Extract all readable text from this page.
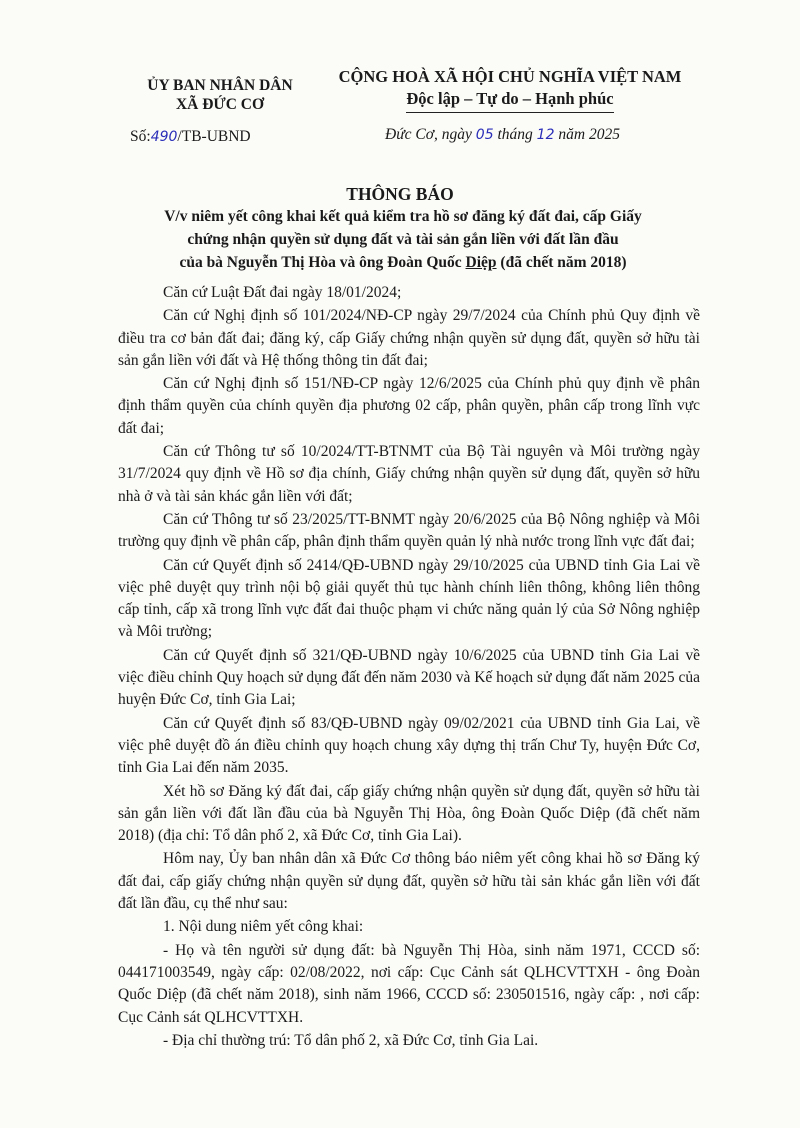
ỦY BAN NHÂN DÂN
XÃ ĐỨC CƠ
CỘNG HOÀ XÃ HỘI CHỦ NGHĨA VIỆT NAM
Độc lập – Tự do – Hạnh phúc
Số:490/TB-UBND	Đức Cơ, ngày 05 tháng 12 năm 2025
THÔNG BÁO
V/v niêm yết công khai kết quả kiểm tra hồ sơ đăng ký đất đai, cấp Giấy
chứng nhận quyền sử dụng đất và tài sản gắn liền với đất lần đầu
của bà Nguyễn Thị Hòa và ông Đoàn Quốc Diệp (đã chết năm 2018)

Căn cứ Luật Đất đai ngày 18/01/2024;

Căn cứ Nghị định số 101/2024/NĐ-CP ngày 29/7/2024 của Chính phủ Quy định về điều tra cơ bản đất đai; đăng ký, cấp Giấy chứng nhận quyền sử dụng đất, quyền sở hữu tài sản gắn liền với đất và Hệ thống thông tin đất đai;

Căn cứ Nghị định số 151/NĐ-CP ngày 12/6/2025 của Chính phủ quy định về phân định thẩm quyền của chính quyền địa phương 02 cấp, phân quyền, phân cấp trong lĩnh vực đất đai;

Căn cứ Thông tư số 10/2024/TT-BTNMT của Bộ Tài nguyên và Môi trường ngày 31/7/2024 quy định về Hồ sơ địa chính, Giấy chứng nhận quyền sử dụng đất, quyền sở hữu nhà ở và tài sản khác gắn liền với đất;

Căn cứ Thông tư số 23/2025/TT-BNMT ngày 20/6/2025 của Bộ Nông nghiệp và Môi trường quy định về phân cấp, phân định thẩm quyền quản lý nhà nước trong lĩnh vực đất đai;

Căn cứ Quyết định số 2414/QĐ-UBND ngày 29/10/2025 của UBND tỉnh Gia Lai về việc phê duyệt quy trình nội bộ giải quyết thủ tục hành chính liên thông, không liên thông cấp tỉnh, cấp xã trong lĩnh vực đất đai thuộc phạm vi chức năng quản lý của Sở Nông nghiệp và Môi trường;

Căn cứ Quyết định số 321/QĐ-UBND ngày 10/6/2025 của UBND tỉnh Gia Lai về việc điều chỉnh Quy hoạch sử dụng đất đến năm 2030 và Kế hoạch sử dụng đất năm 2025 của huyện Đức Cơ, tỉnh Gia Lai;

Căn cứ Quyết định số 83/QĐ-UBND ngày 09/02/2021 của UBND tỉnh Gia Lai, về việc phê duyệt đồ án điều chỉnh quy hoạch chung xây dựng thị trấn Chư Ty, huyện Đức Cơ, tỉnh Gia Lai đến năm 2035.

Xét hồ sơ Đăng ký đất đai, cấp giấy chứng nhận quyền sử dụng đất, quyền sở hữu tài sản gắn liền với đất lần đầu của bà Nguyễn Thị Hòa, ông Đoàn Quốc Diệp (đã chết năm 2018) (địa chỉ: Tổ dân phố 2, xã Đức Cơ, tỉnh Gia Lai).

Hôm nay, Ủy ban nhân dân xã Đức Cơ thông báo niêm yết công khai hồ sơ Đăng ký đất đai, cấp giấy chứng nhận quyền sử dụng đất, quyền sở hữu tài sản khác gắn liền với đất đất lần đầu, cụ thể như sau:

1. Nội dung niêm yết công khai:

- Họ và tên người sử dụng đất: bà Nguyễn Thị Hòa, sinh năm 1971, CCCD số: 044171003549, ngày cấp: 02/08/2022, nơi cấp: Cục Cảnh sát QLHCVTTXH - ông Đoàn Quốc Diệp (đã chết năm 2018), sinh năm 1966, CCCD số: 230501516, ngày cấp: , nơi cấp: Cục Cảnh sát QLHCVTTXH.

- Địa chỉ thường trú: Tổ dân phố 2, xã Đức Cơ, tỉnh Gia Lai.
